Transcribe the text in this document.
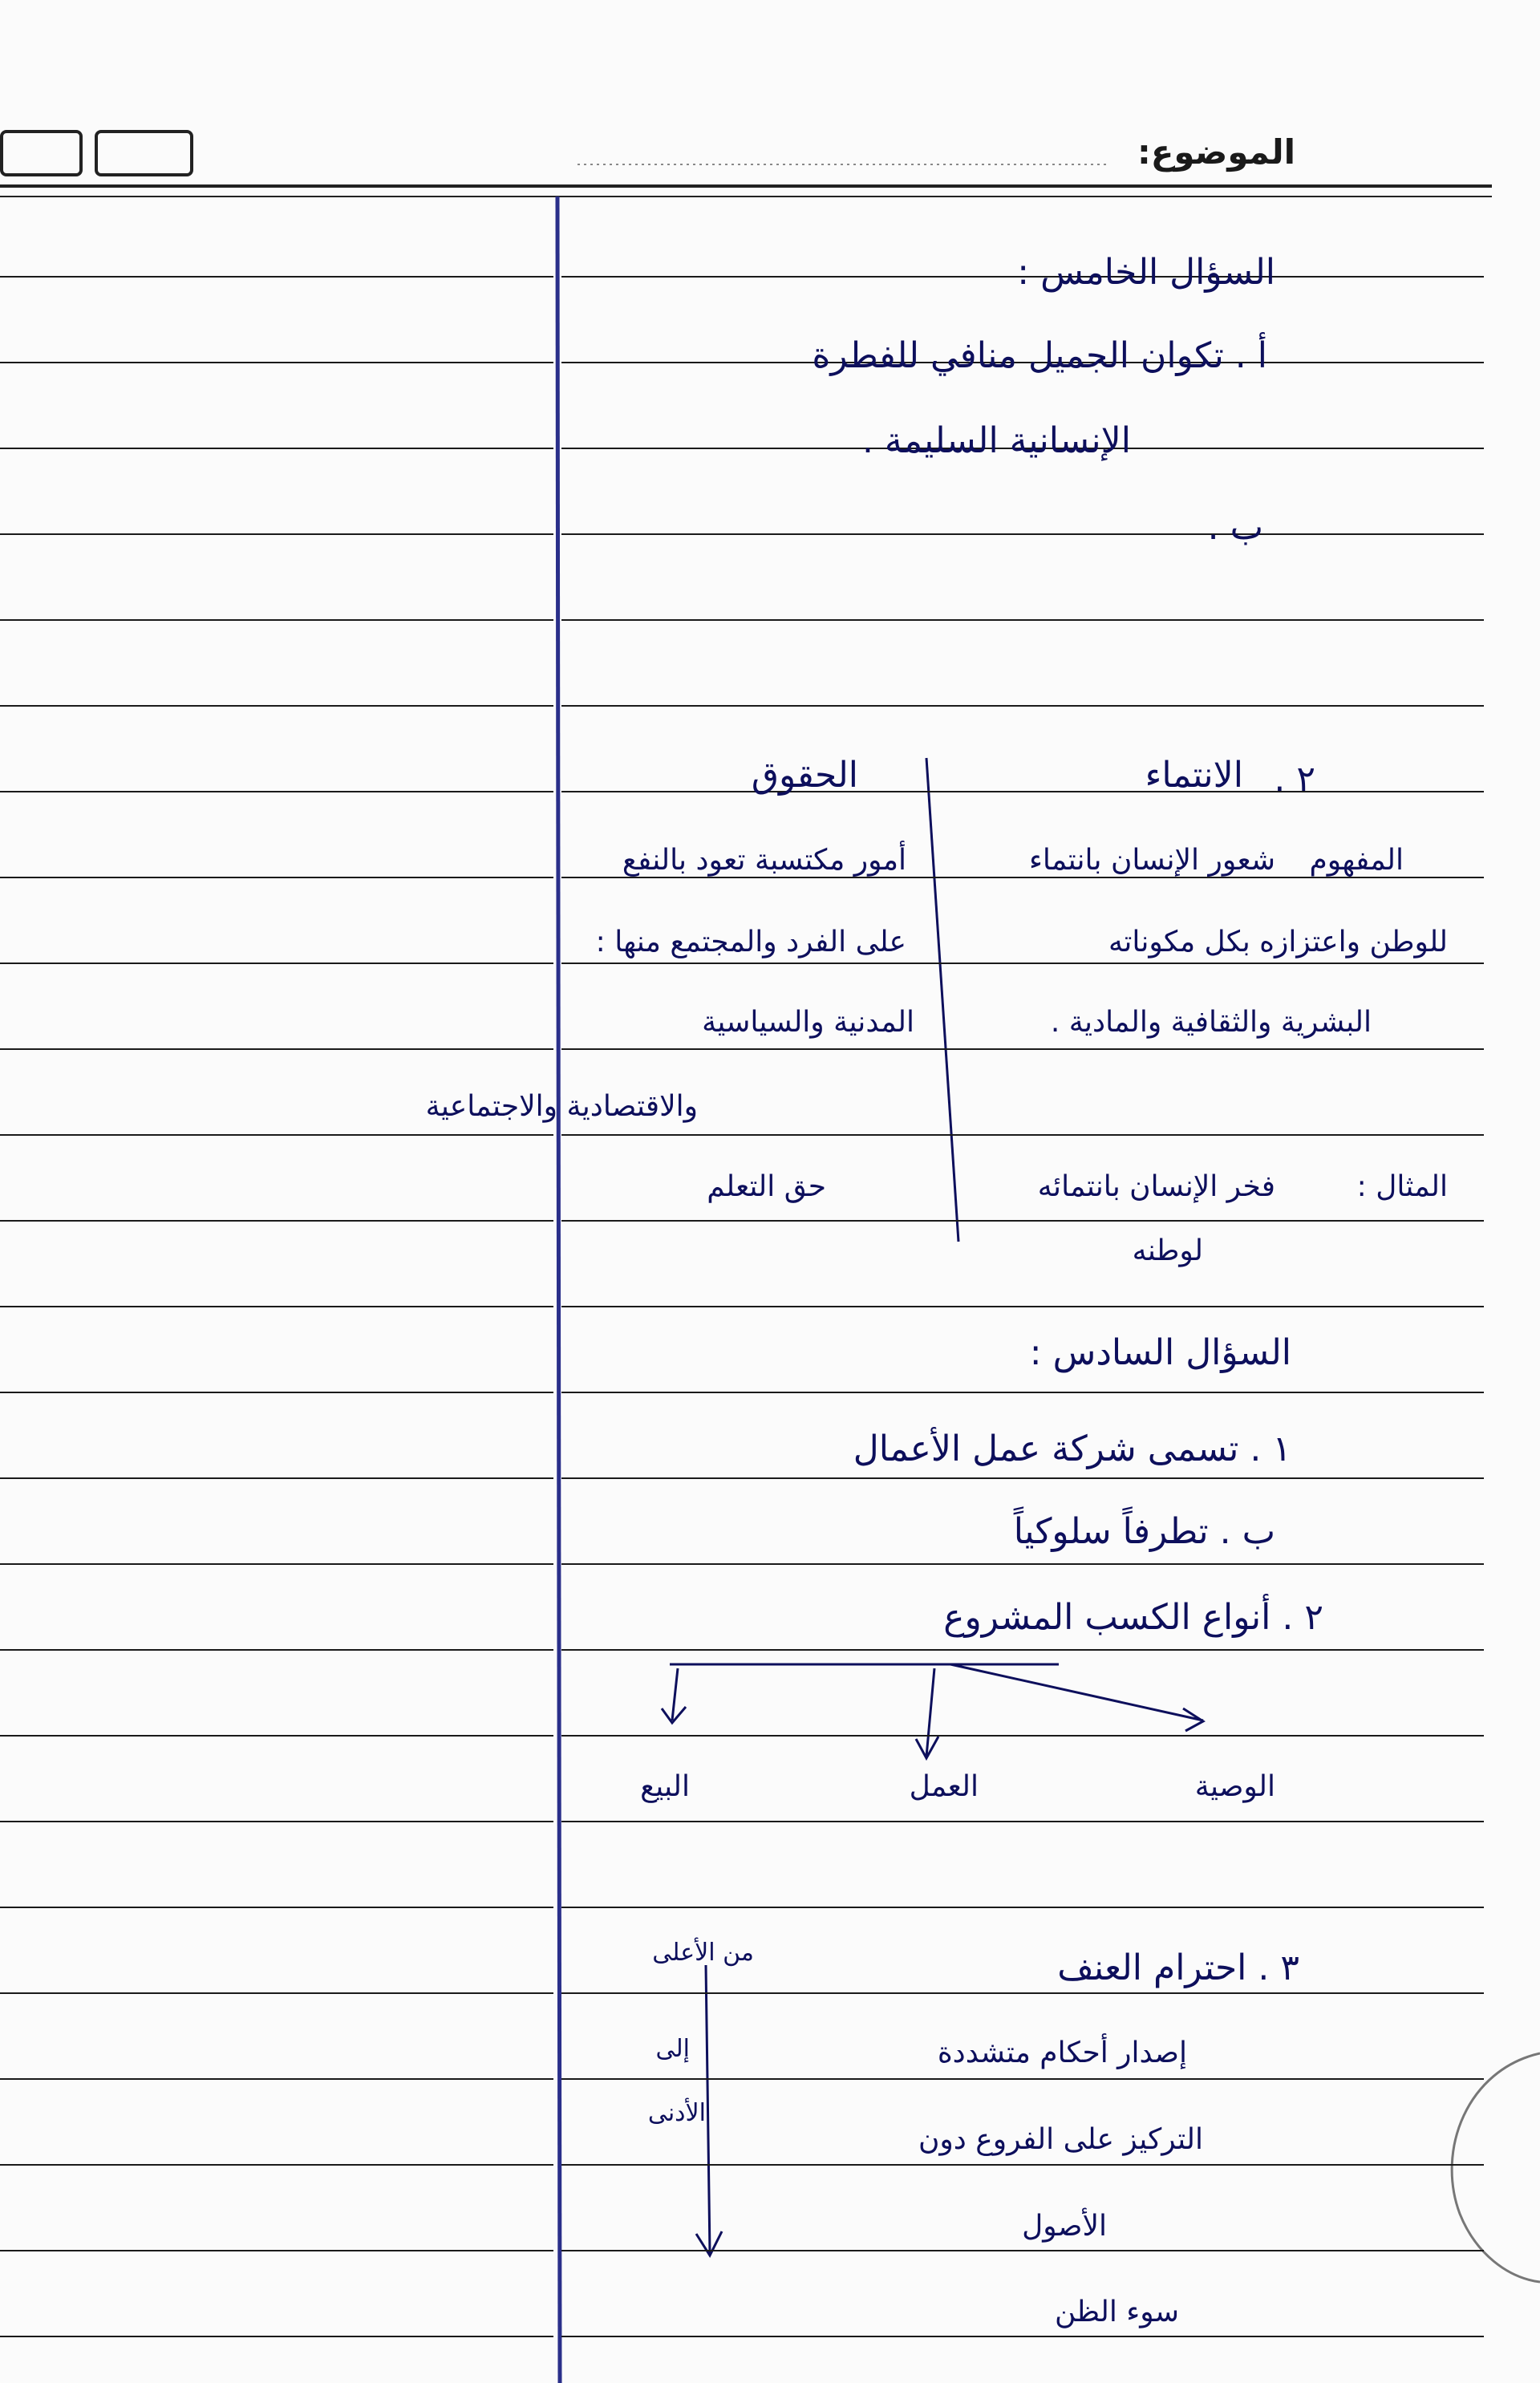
الموضوع:
السؤال الخامس :
أ . تكوان الجميل منافي للفطرة
الإنسانية السليمة .
ب .
٢ .
الانتماء
الحقوق
المفهوم
شعور الإنسان بانتماء
للوطن واعتزازه بكل مكوناته
البشرية والثقافية والمادية .
أمور مكتسبة تعود بالنفع
على الفرد والمجتمع منها :
المدنية والسياسية
والاقتصادية والاجتماعية
المثال :
فخر الإنسان بانتمائه
لوطنه
حق التعلم
السؤال السادس :
١ . تسمى شركة عمل الأعمال
ب . تطرفاً سلوكياً
٢ . أنواع الكسب المشروع
الوصية
العمل
البيع
٣ . احترام العنف
إصدار أحكام متشددة
التركيز على الفروع دون
الأصول
سوء الظن
من الأعلى
إلى
الأدنى
